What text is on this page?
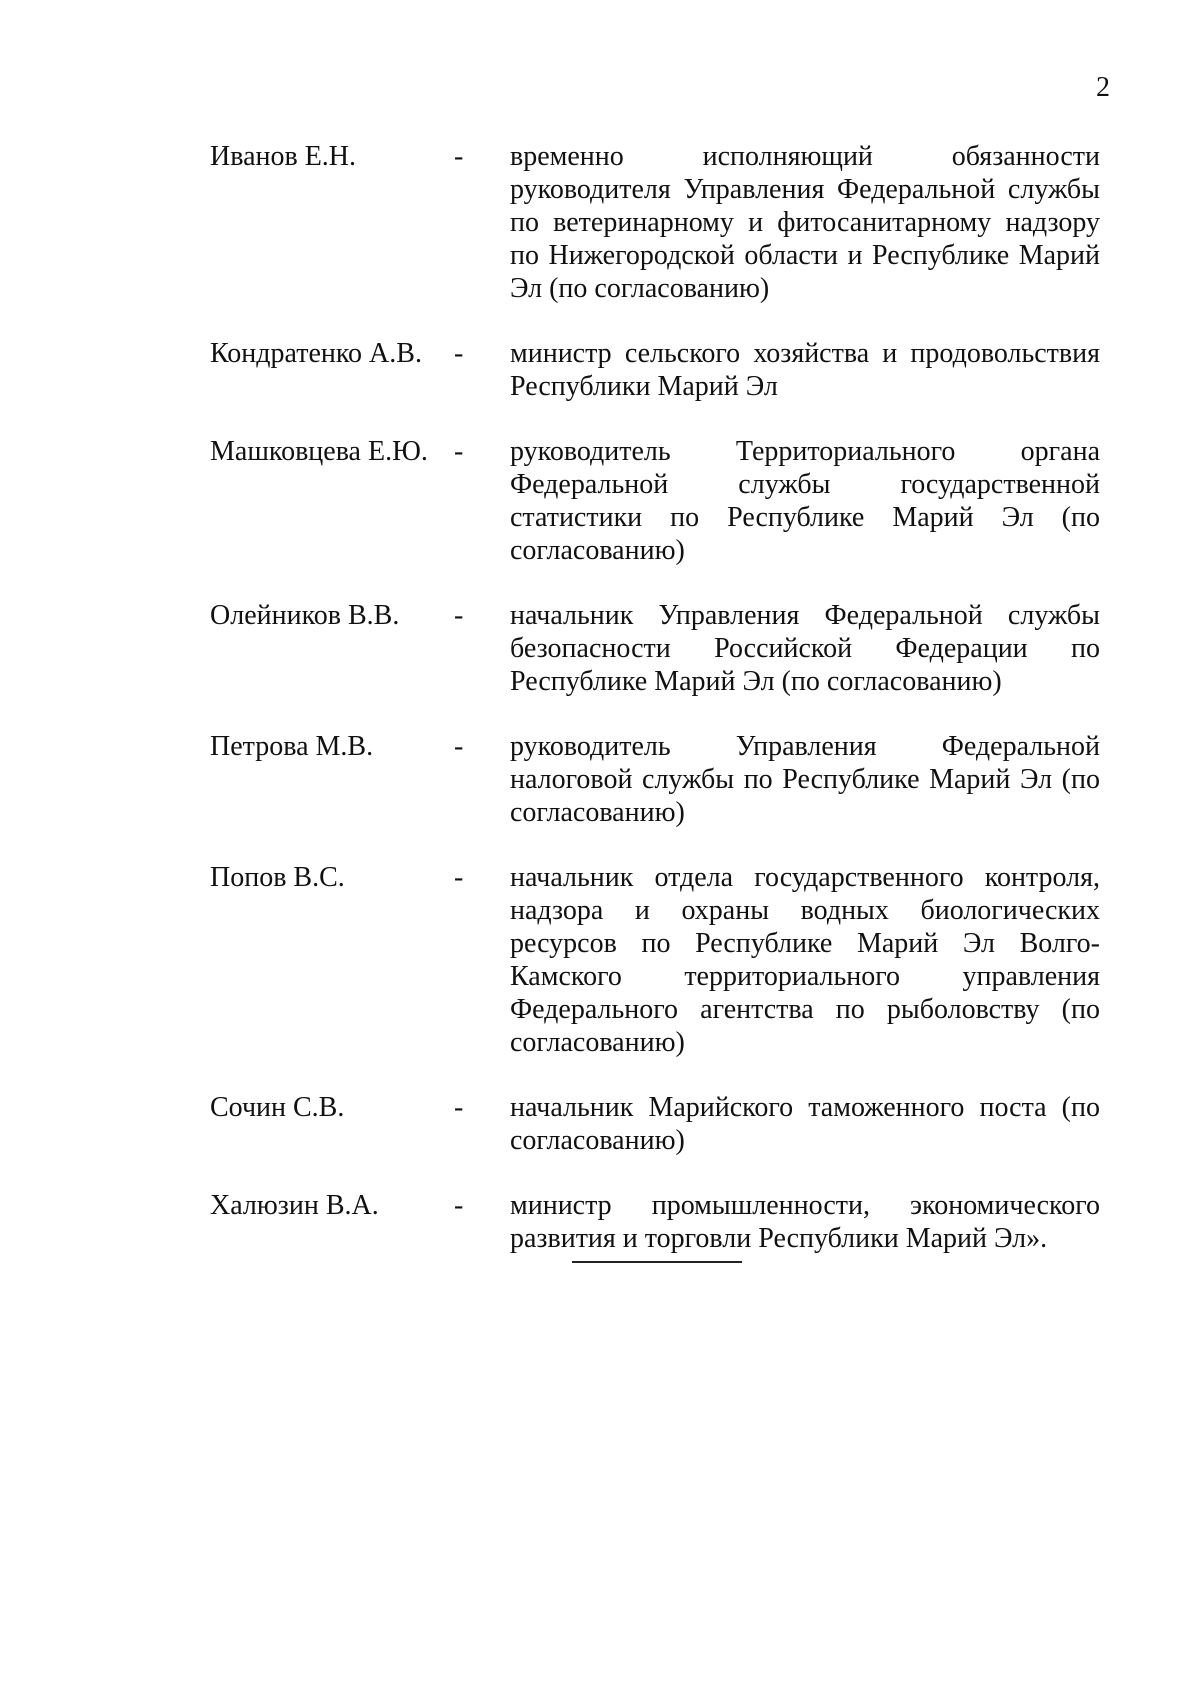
2
Иванов Е.Н.	- временно исполняющий обязанности руководителя Управления Федеральной службы по ветеринарному и фитосанитарному надзору по Нижегородской области и Республике Марий Эл (по согласованию)
Кондратенко А.В. - министр сельского хозяйства и продовольствия Республики Марий Эл
Машковцева Е.Ю. - руководитель Территориального органа Федеральной службы государственной статистики по Республике Марий Эл (по согласованию)
Олейников В.В. - начальник Управления Федеральной службы безопасности Российской Федерации по Республике Марий Эл (по согласованию)
Петрова М.В.	- руководитель Управления Федеральной налоговой службы по Республике Марий Эл (по согласованию)
Попов В.С.	- начальник отдела государственного контроля, надзора и охраны водных биологических ресурсов по Республике Марий Эл Волго-Камского территориального управления Федерального агентства по рыболовству (по согласованию)
Сочин С.В.	- начальник Марийского таможенного поста (по согласованию)
Халюзин В.А.	- министр промышленности, экономического развития и торговли Республики Марий Эл».
